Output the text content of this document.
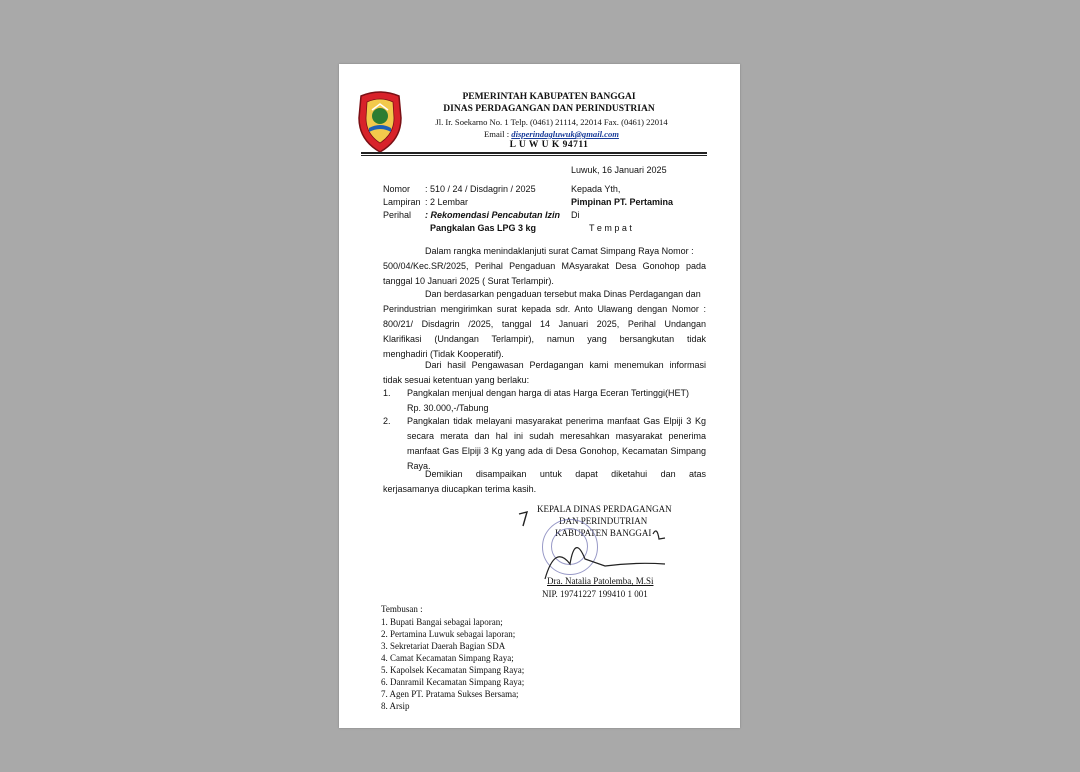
PEMERINTAH KABUPATEN BANGGAI
DINAS PERDAGANGAN DAN PERINDUSTRIAN
Jl. Ir. Soekarno No. 1 Telp. (0461) 21114, 22014 Fax. (0461) 22014
Email : disperindagluwuk@gmail.com
L U W U K 94711
Luwuk, 16 Januari 2025
Nomor : 510 / 24 / Disdagrin / 2025
Lampiran : 2 Lembar
Perihal : Rekomendasi Pencabutan Izin
Pangkalan Gas LPG 3 kg
Kepada Yth,
Pimpinan PT. Pertamina
Di
T e m p a t
Dalam rangka menindaklanjuti surat Camat Simpang Raya Nomor :
500/04/Kec.SR/2025, Perihal Pengaduan MAsyarakat Desa Gonohop pada
tanggal 10 Januari 2025 ( Surat Terlampir).
Dan berdasarkan pengaduan tersebut maka Dinas Perdagangan dan
Perindustrian mengirimkan surat kepada sdr. Anto Ulawang dengan Nomor :
800/21/ Disdagrin /2025, tanggal 14 Januari 2025, Perihal Undangan
Klarifikasi (Undangan Terlampir), namun yang bersangkutan tidak
menghadiri (Tidak Kooperatif).
Dari hasil Pengawasan Perdagangan kami menemukan informasi
tidak sesuai ketentuan yang berlaku:
1. Pangkalan menjual dengan harga di atas Harga Eceran Tertinggi(HET)
Rp. 30.000,-/Tabung
2. Pangkalan tidak melayani masyarakat penerima manfaat Gas Elpiji 3 Kg
secara merata dan hal ini sudah meresahkan masyarakat penerima
manfaat Gas Elpiji 3 Kg yang ada di Desa Gonohop, Kecamatan Simpang
Raya.
Demikian disampaikan untuk dapat diketahui dan atas
kerjasamanya diucapkan terima kasih.
KEPALA DINAS PERDAGANGAN
DAN PERINDUTRIAN
KABUPATEN BANGGAI
Dra. Natalia Patolemba, M.Si
NIP. 19741227 199410 1 001
Tembusan :
1. Bupati Bangai sebagai laporan;
2. Pertamina Luwuk sebagai laporan;
3. Sekretariat Daerah Bagian SDA
4. Camat Kecamatan Simpang Raya;
5. Kapolsek Kecamatan Simpang Raya;
6. Danramil Kecamatan Simpang Raya;
7. Agen PT. Pratama Sukses Bersama;
8. Arsip
